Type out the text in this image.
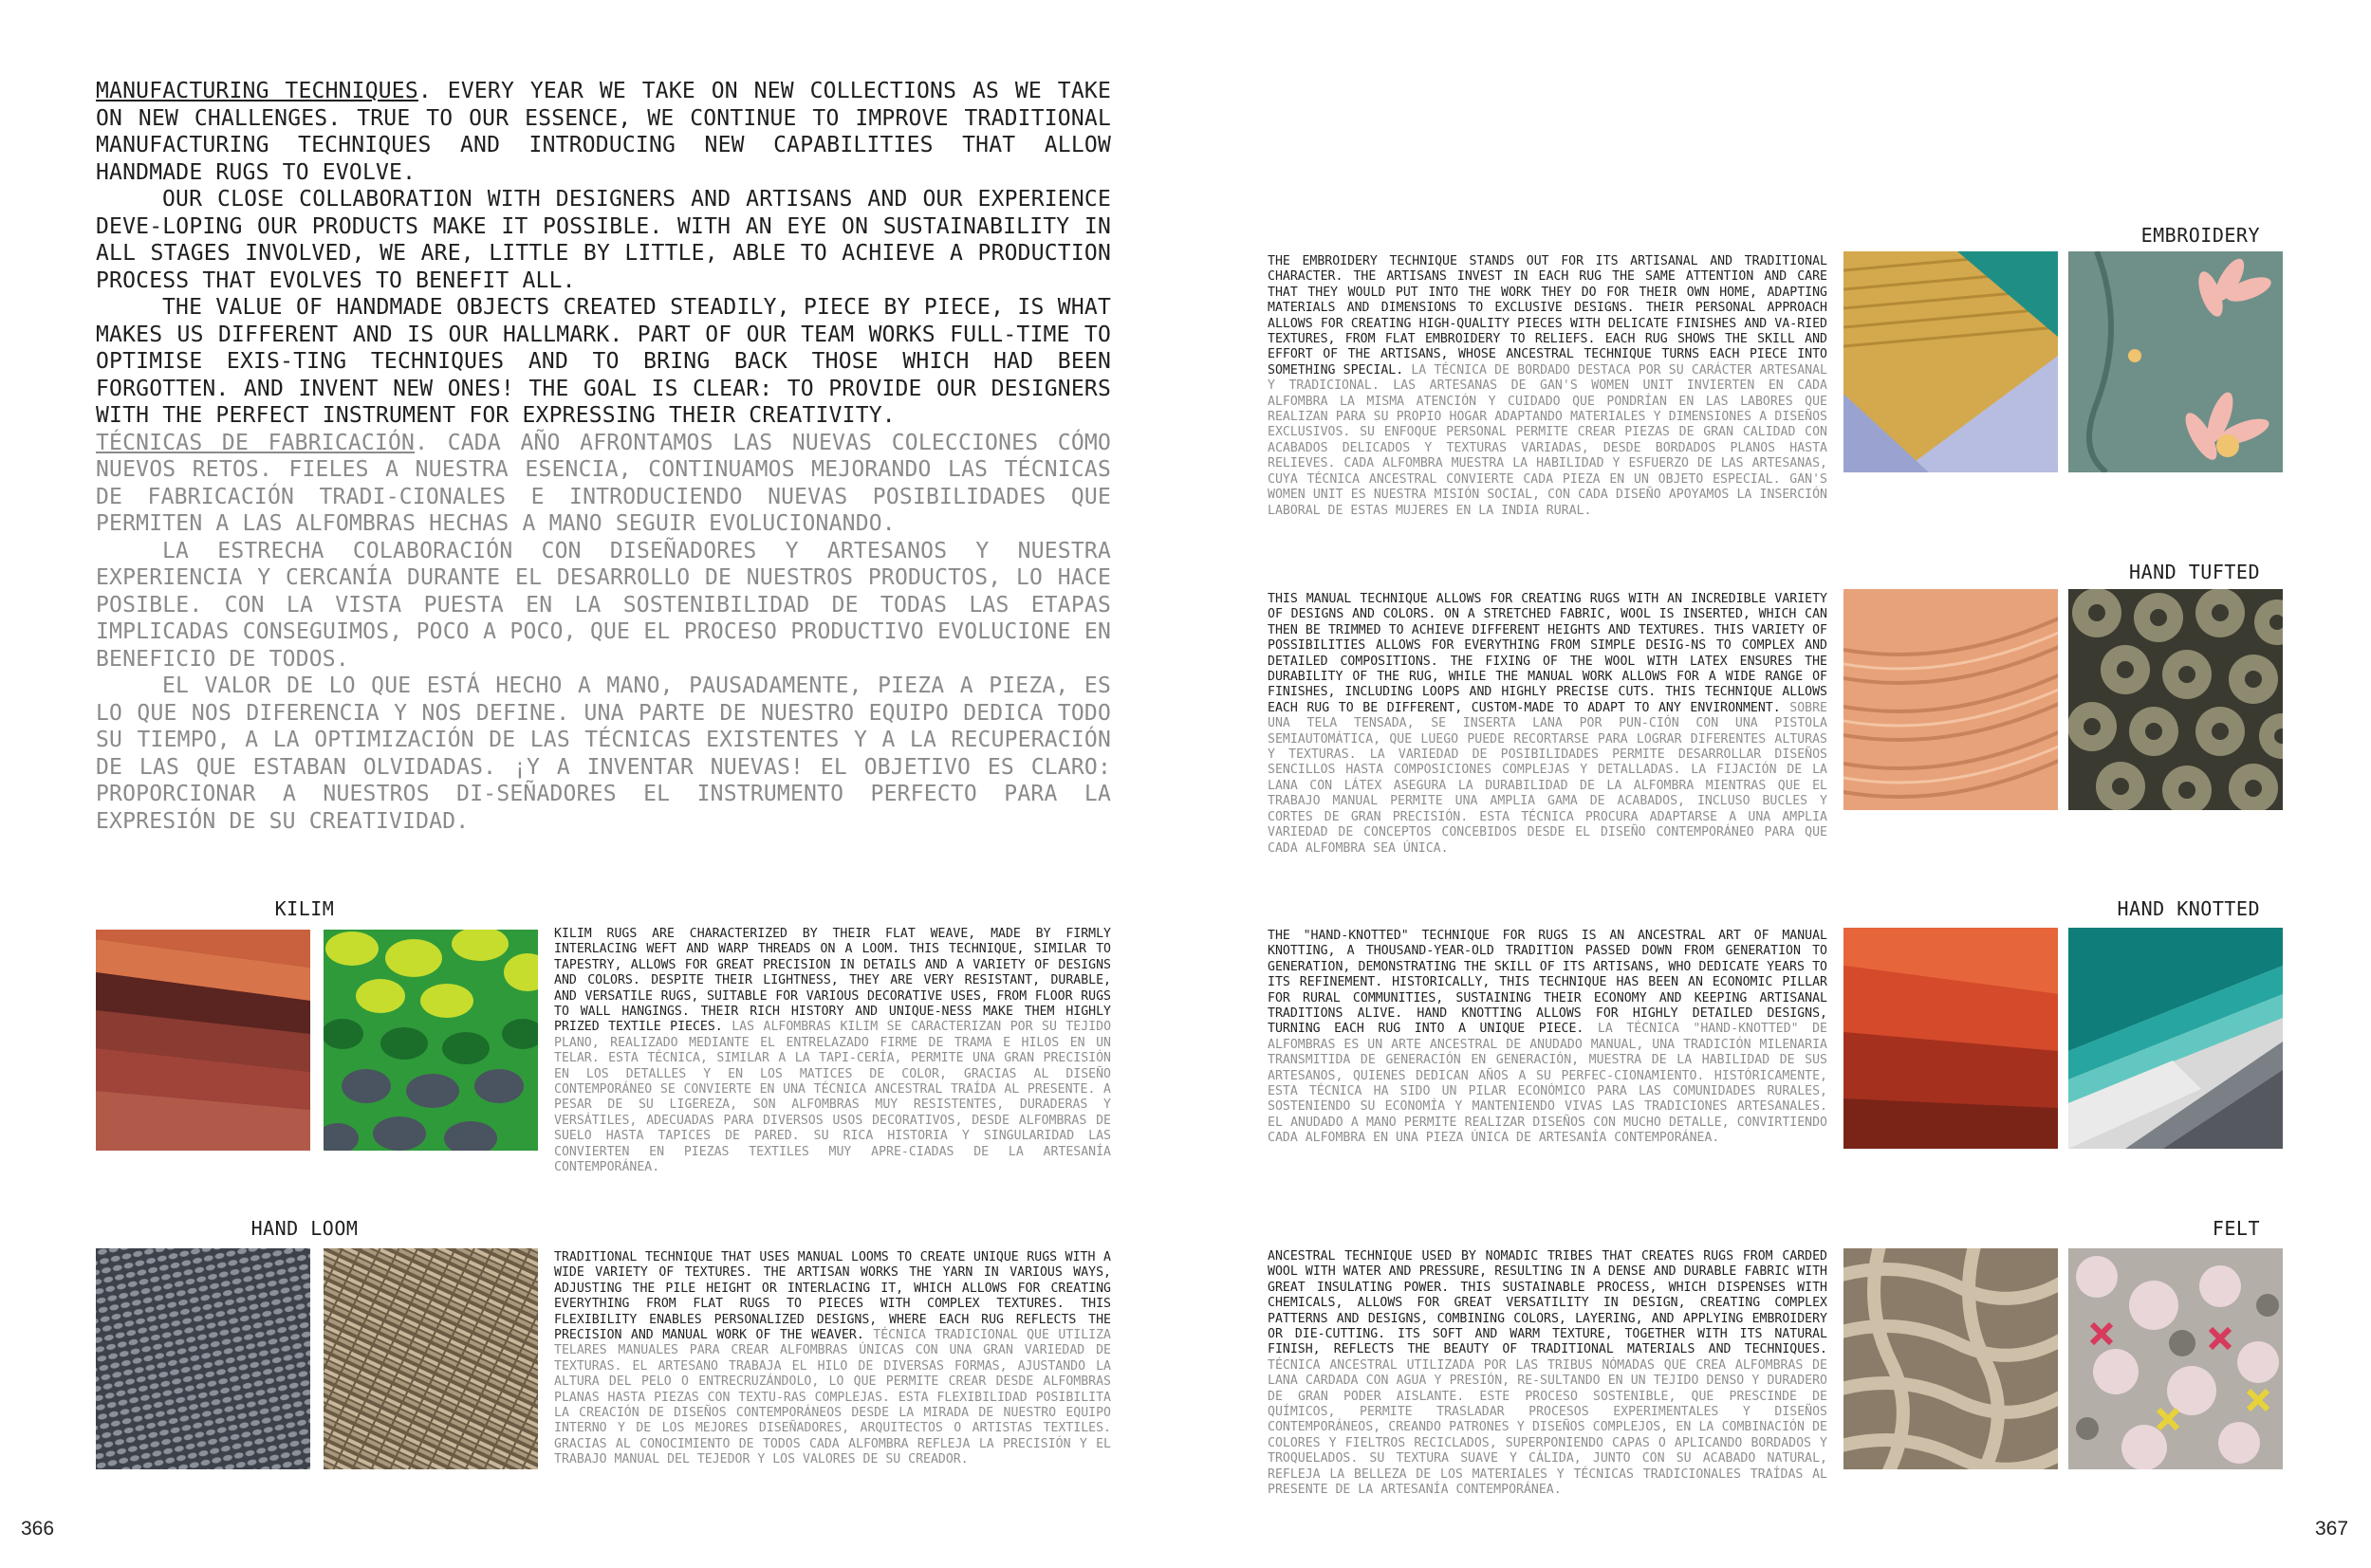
MANUFACTURING TECHNIQUES. EVERY YEAR WE TAKE ON NEW COLLECTIONS AS WE TAKE ON NEW CHALLENGES. TRUE TO OUR ESSENCE, WE CONTINUE TO IMPROVE TRADITIONAL MANUFACTURING TECHNIQUES AND INTRODUCING NEW CAPABILITIES THAT ALLOW HANDMADE RUGS TO EVOLVE.

OUR CLOSE COLLABORATION WITH DESIGNERS AND ARTISANS AND OUR EXPERIENCE DEVE-LOPING OUR PRODUCTS MAKE IT POSSIBLE. WITH AN EYE ON SUSTAINABILITY IN ALL STAGES INVOLVED, WE ARE, LITTLE BY LITTLE, ABLE TO ACHIEVE A PRODUCTION PROCESS THAT EVOLVES TO BENEFIT ALL.

THE VALUE OF HANDMADE OBJECTS CREATED STEADILY, PIECE BY PIECE, IS WHAT MAKES US DIFFERENT AND IS OUR HALLMARK. PART OF OUR TEAM WORKS FULL-TIME TO OPTIMISE EXIS-TING TECHNIQUES AND TO BRING BACK THOSE WHICH HAD BEEN FORGOTTEN. AND INVENT NEW ONES! THE GOAL IS CLEAR: TO PROVIDE OUR DESIGNERS WITH THE PERFECT INSTRUMENT FOR EXPRESSING THEIR CREATIVITY.

TÉCNICAS DE FABRICACIÓN. CADA AÑO AFRONTAMOS LAS NUEVAS COLECCIONES CÓMO NUEVOS RETOS. FIELES A NUESTRA ESENCIA, CONTINUAMOS MEJORANDO LAS TÉCNICAS DE FABRICACIÓN TRADI-CIONALES E INTRODUCIENDO NUEVAS POSIBILIDADES QUE PERMITEN A LAS ALFOMBRAS HECHAS A MANO SEGUIR EVOLUCIONANDO.

LA ESTRECHA COLABORACIÓN CON DISEÑADORES Y ARTESANOS Y NUESTRA EXPERIENCIA Y CERCANÍA DURANTE EL DESARROLLO DE NUESTROS PRODUCTOS, LO HACE POSIBLE. CON LA VISTA PUESTA EN LA SOSTENIBILIDAD DE TODAS LAS ETAPAS IMPLICADAS CONSEGUIMOS, POCO A POCO, QUE EL PROCESO PRODUCTIVO EVOLUCIONE EN BENEFICIO DE TODOS.

EL VALOR DE LO QUE ESTÁ HECHO A MANO, PAUSADAMENTE, PIEZA A PIEZA, ES LO QUE NOS DIFERENCIA Y NOS DEFINE. UNA PARTE DE NUESTRO EQUIPO DEDICA TODO SU TIEMPO, A LA OPTIMIZACIÓN DE LAS TÉCNICAS EXISTENTES Y A LA RECUPERACIÓN DE LAS QUE ESTABAN OLVIDADAS. ¡Y A INVENTAR NUEVAS! EL OBJETIVO ES CLARO: PROPORCIONAR A NUESTROS DI-SEÑADORES EL INSTRUMENTO PERFECTO PARA LA EXPRESIÓN DE SU CREATIVIDAD.

KILIM
KILIM RUGS ARE CHARACTERIZED BY THEIR FLAT WEAVE, MADE BY FIRMLY INTERLACING WEFT AND WARP THREADS ON A LOOM. THIS TECHNIQUE, SIMILAR TO TAPESTRY, ALLOWS FOR GREAT PRECISION IN DETAILS AND A VARIETY OF DESIGNS AND COLORS. DESPITE THEIR LIGHTNESS, THEY ARE VERY RESISTANT, DURABLE, AND VERSATILE RUGS, SUITABLE FOR VARIOUS DECORATIVE USES, FROM FLOOR RUGS TO WALL HANGINGS. THEIR RICH HISTORY AND UNIQUE-NESS MAKE THEM HIGHLY PRIZED TEXTILE PIECES. LAS ALFOMBRAS KILIM SE CARACTERIZAN POR SU TEJIDO PLANO, REALIZADO MEDIANTE EL ENTRELAZADO FIRME DE TRAMA E HILOS EN UN TELAR. ESTA TÉCNICA, SIMILAR A LA TAPI-CERÍA, PERMITE UNA GRAN PRECISIÓN EN LOS DETALLES Y EN LOS MATICES DE COLOR, GRACIAS AL DISEÑO CONTEMPORÁNEO SE CONVIERTE EN UNA TÉCNICA ANCESTRAL TRAÍDA AL PRESENTE. A PESAR DE SU LIGEREZA, SON ALFOMBRAS MUY RESISTENTES, DURADERAS Y VERSÁTILES, ADECUADAS PARA DIVERSOS USOS DECORATIVOS, DESDE ALFOMBRAS DE SUELO HASTA TAPICES DE PARED. SU RICA HISTORIA Y SINGULARIDAD LAS CONVIERTEN EN PIEZAS TEXTILES MUY APRE-CIADAS DE LA ARTESANÍA CONTEMPORÁNEA.
HAND LOOM
TRADITIONAL TECHNIQUE THAT USES MANUAL LOOMS TO CREATE UNIQUE RUGS WITH A WIDE VARIETY OF TEXTURES. THE ARTISAN WORKS THE YARN IN VARIOUS WAYS, ADJUSTING THE PILE HEIGHT OR INTERLACING IT, WHICH ALLOWS FOR CREATING EVERYTHING FROM FLAT RUGS TO PIECES WITH COMPLEX TEXTURES. THIS FLEXIBILITY ENABLES PERSONALIZED DESIGNS, WHERE EACH RUG REFLECTS THE PRECISION AND MANUAL WORK OF THE WEAVER. TÉCNICA TRADICIONAL QUE UTILIZA TELARES MANUALES PARA CREAR ALFOMBRAS ÚNICAS CON UNA GRAN VARIEDAD DE TEXTURAS. EL ARTESANO TRABAJA EL HILO DE DIVERSAS FORMAS, AJUSTANDO LA ALTURA DEL PELO O ENTRECRUZÁNDOLO, LO QUE PERMITE CREAR DESDE ALFOMBRAS PLANAS HASTA PIEZAS CON TEXTU-RAS COMPLEJAS. ESTA FLEXIBILIDAD POSIBILITA LA CREACIÓN DE DISEÑOS CONTEMPORÁNEOS DESDE LA MIRADA DE NUESTRO EQUIPO INTERNO Y DE LOS MEJORES DISEÑADORES, ARQUITECTOS O ARTISTAS TEXTILES. GRACIAS AL CONOCIMIENTO DE TODOS CADA ALFOMBRA REFLEJA LA PRECISIÓN Y EL TRABAJO MANUAL DEL TEJEDOR Y LOS VALORES DE SU CREADOR.
366
EMBROIDERY
THE EMBROIDERY TECHNIQUE STANDS OUT FOR ITS ARTISANAL AND TRADITIONAL CHARACTER. THE ARTISANS INVEST IN EACH RUG THE SAME ATTENTION AND CARE THAT THEY WOULD PUT INTO THE WORK THEY DO FOR THEIR OWN HOME, ADAPTING MATERIALS AND DIMENSIONS TO EXCLUSIVE DESIGNS. THEIR PERSONAL APPROACH ALLOWS FOR CREATING HIGH-QUALITY PIECES WITH DELICATE FINISHES AND VA-RIED TEXTURES, FROM FLAT EMBROIDERY TO RELIEFS. EACH RUG SHOWS THE SKILL AND EFFORT OF THE ARTISANS, WHOSE ANCESTRAL TECHNIQUE TURNS EACH PIECE INTO SOMETHING SPECIAL. LA TÉCNICA DE BORDADO DESTACA POR SU CARÁCTER ARTESANAL Y TRADICIONAL. LAS ARTESANAS DE GAN'S WOMEN UNIT INVIERTEN EN CADA ALFOMBRA LA MISMA ATENCIÓN Y CUIDADO QUE PONDRÍAN EN LAS LABORES QUE REALIZAN PARA SU PROPIO HOGAR ADAPTANDO MATERIALES Y DIMENSIONES A DISEÑOS EXCLUSIVOS. SU ENFOQUE PERSONAL PERMITE CREAR PIEZAS DE GRAN CALIDAD CON ACABADOS DELICADOS Y TEXTURAS VARIADAS, DESDE BORDADOS PLANOS HASTA RELIEVES. CADA ALFOMBRA MUESTRA LA HABILIDAD Y ESFUERZO DE LAS ARTESANAS, CUYA TÉCNICA ANCESTRAL CONVIERTE CADA PIEZA EN UN OBJETO ESPECIAL. GAN'S WOMEN UNIT ES NUESTRA MISIÓN SOCIAL, CON CADA DISEÑO APOYAMOS LA INSERCIÓN LABORAL DE ESTAS MUJERES EN LA INDIA RURAL.
HAND TUFTED
THIS MANUAL TECHNIQUE ALLOWS FOR CREATING RUGS WITH AN INCREDIBLE VARIETY OF DESIGNS AND COLORS. ON A STRETCHED FABRIC, WOOL IS INSERTED, WHICH CAN THEN BE TRIMMED TO ACHIEVE DIFFERENT HEIGHTS AND TEXTURES. THIS VARIETY OF POSSIBILITIES ALLOWS FOR EVERYTHING FROM SIMPLE DESIG-NS TO COMPLEX AND DETAILED COMPOSITIONS. THE FIXING OF THE WOOL WITH LATEX ENSURES THE DURABILITY OF THE RUG, WHILE THE MANUAL WORK ALLOWS FOR A WIDE RANGE OF FINISHES, INCLUDING LOOPS AND HIGHLY PRECISE CUTS. THIS TECHNIQUE ALLOWS EACH RUG TO BE DIFFERENT, CUSTOM-MADE TO ADAPT TO ANY ENVIRONMENT. SOBRE UNA TELA TENSADA, SE INSERTA LANA POR PUN-CIÓN CON UNA PISTOLA SEMIAUTOMÁTICA, QUE LUEGO PUEDE RECORTARSE PARA LOGRAR DIFERENTES ALTURAS Y TEXTURAS. LA VARIEDAD DE POSIBILIDADES PERMITE DESARROLLAR DISEÑOS SENCILLOS HASTA COMPOSICIONES COMPLEJAS Y DETALLADAS. LA FIJACIÓN DE LA LANA CON LÁTEX ASEGURA LA DURABILIDAD DE LA ALFOMBRA MIENTRAS QUE EL TRABAJO MANUAL PERMITE UNA AMPLIA GAMA DE ACABADOS, INCLUSO BUCLES Y CORTES DE GRAN PRECISIÓN. ESTA TÉCNICA PROCURA ADAPTARSE A UNA AMPLIA VARIEDAD DE CONCEPTOS CONCEBIDOS DESDE EL DISEÑO CONTEMPORÁNEO PARA QUE CADA ALFOMBRA SEA ÚNICA.
HAND KNOTTED
THE "HAND-KNOTTED" TECHNIQUE FOR RUGS IS AN ANCESTRAL ART OF MANUAL KNOTTING, A THOUSAND-YEAR-OLD TRADITION PASSED DOWN FROM GENERATION TO GENERATION, DEMONSTRATING THE SKILL OF ITS ARTISANS, WHO DEDICATE YEARS TO ITS REFINEMENT. HISTORICALLY, THIS TECHNIQUE HAS BEEN AN ECONOMIC PILLAR FOR RURAL COMMUNITIES, SUSTAINING THEIR ECONOMY AND KEEPING ARTISANAL TRADITIONS ALIVE. HAND KNOTTING ALLOWS FOR HIGHLY DETAILED DESIGNS, TURNING EACH RUG INTO A UNIQUE PIECE. LA TÉCNICA "HAND-KNOTTED" DE ALFOMBRAS ES UN ARTE ANCESTRAL DE ANUDADO MANUAL, UNA TRADICIÓN MILENARIA TRANSMITIDA DE GENERACIÓN EN GENERACIÓN, MUESTRA DE LA HABILIDAD DE SUS ARTESANOS, QUIENES DEDICAN AÑOS A SU PERFEC-CIONAMIENTO. HISTÓRICAMENTE, ESTA TÉCNICA HA SIDO UN PILAR ECONÓMICO PARA LAS COMUNIDADES RURALES, SOSTENIENDO SU ECONOMÍA Y MANTENIENDO VIVAS LAS TRADICIONES ARTESANALES. EL ANUDADO A MANO PERMITE REALIZAR DISEÑOS CON MUCHO DETALLE, CONVIRTIENDO CADA ALFOMBRA EN UNA PIEZA ÚNICA DE ARTESANÍA CONTEMPORÁNEA.
FELT
ANCESTRAL TECHNIQUE USED BY NOMADIC TRIBES THAT CREATES RUGS FROM CARDED WOOL WITH WATER AND PRESSURE, RESULTING IN A DENSE AND DURABLE FABRIC WITH GREAT INSULATING POWER. THIS SUSTAINABLE PROCESS, WHICH DISPENSES WITH CHEMICALS, ALLOWS FOR GREAT VERSATILITY IN DESIGN, CREATING COMPLEX PATTERNS AND DESIGNS, COMBINING COLORS, LAYERING, AND APPLYING EMBROIDERY OR DIE-CUTTING. ITS SOFT AND WARM TEXTURE, TOGETHER WITH ITS NATURAL FINISH, REFLECTS THE BEAUTY OF TRADITIONAL MATERIALS AND TECHNIQUES. TÉCNICA ANCESTRAL UTILIZADA POR LAS TRIBUS NÓMADAS QUE CREA ALFOMBRAS DE LANA CARDADA CON AGUA Y PRESIÓN, RE-SULTANDO EN UN TEJIDO DENSO Y DURADERO DE GRAN PODER AISLANTE. ESTE PROCESO SOSTENIBLE, QUE PRESCINDE DE QUÍMICOS, PERMITE TRASLADAR PROCESOS EXPERIMENTALES Y DISEÑOS CONTEMPORÁNEOS, CREANDO PATRONES Y DISEÑOS COMPLEJOS, EN LA COMBINACIÓN DE COLORES Y FIELTROS RECICLADOS, SUPERPONIENDO CAPAS O APLICANDO BORDADOS Y TROQUELADOS. SU TEXTURA SUAVE Y CÁLIDA, JUNTO CON SU ACABADO NATURAL, REFLEJA LA BELLEZA DE LOS MATERIALES Y TÉCNICAS TRADICIONALES TRAÍDAS AL PRESENTE DE LA ARTESANÍA CONTEMPORÁNEA.
367
